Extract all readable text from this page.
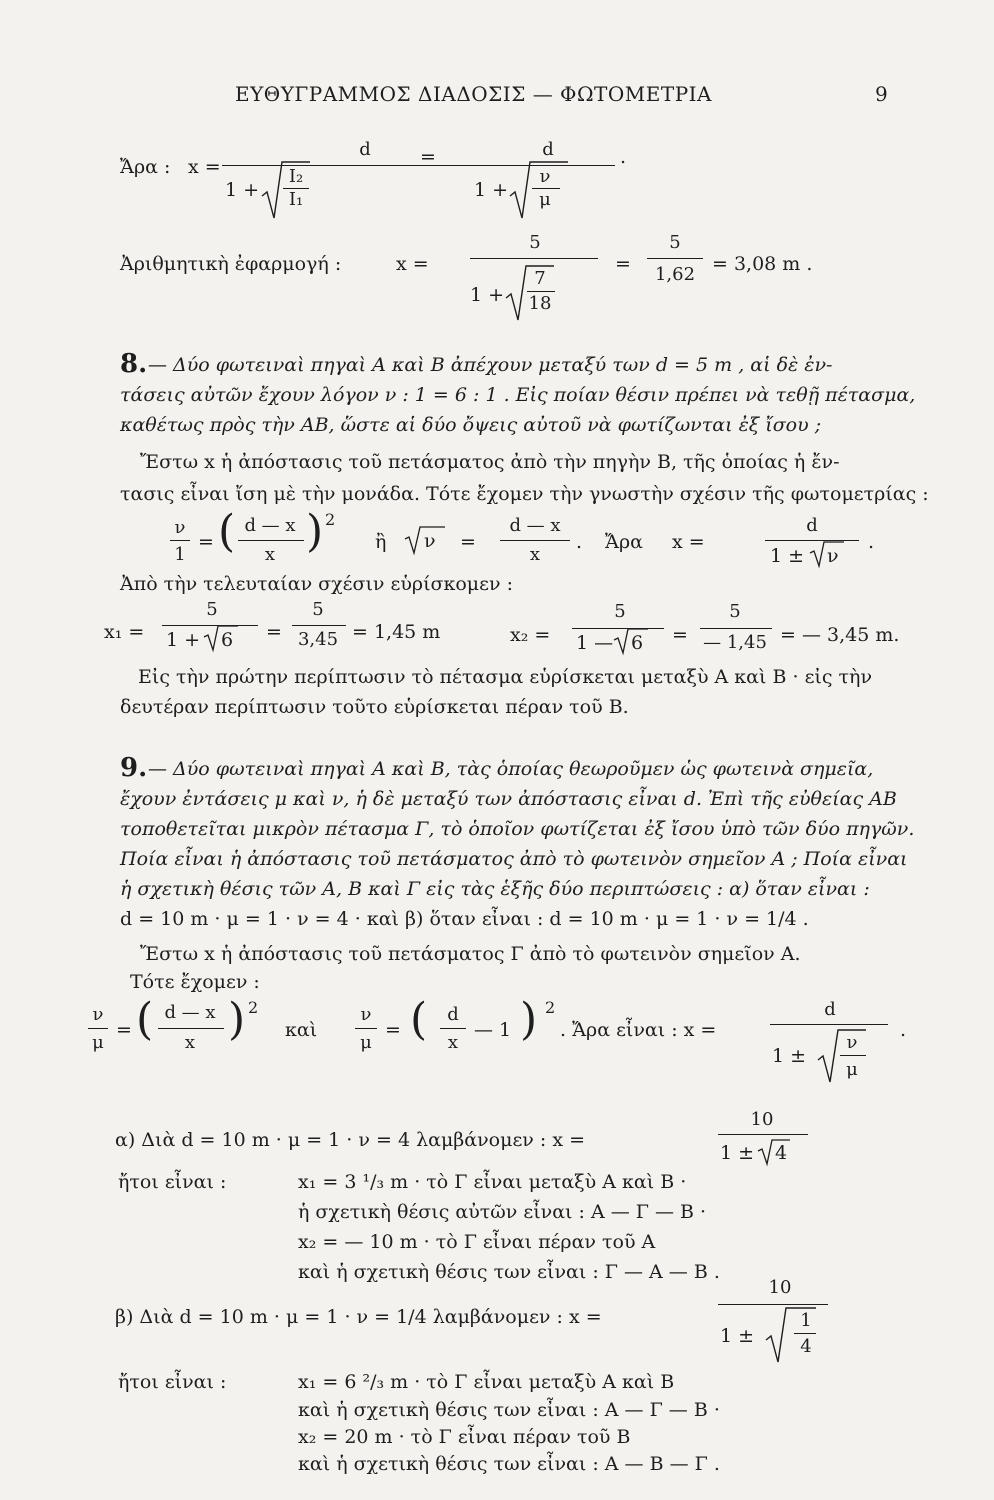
ΕΥΘΥΓΡΑΜΜΟΣ ΔΙΑΔΟΣΙΣ — ΦΩΤΟΜΕΤΡΙΑ	9
Ἄρα : x =
d
1 +
I₂
I₁
=	d
1 +
ν
μ
.
Ἀριθμητικὴ ἐφαρμογή :	x =
5
1 +
7
18
=
5
1,62 = 3,08 m .
8. — Δύο φωτειναὶ πηγαὶ Α καὶ Β ἀπέχουν μεταξύ των d = 5 m , αἱ δὲ ἐν-
τάσεις αὐτῶν ἔχουν λόγον ν : 1 = 6 : 1 . Εἰς ποίαν θέσιν πρέπει νὰ τεθῇ πέτασμα,
καθέτως πρὸς τὴν ΑΒ, ὥστε αἱ δύο ὄψεις αὐτοῦ νὰ φωτίζωνται ἐξ ἴσου ;
Ἔστω x ἡ ἀπόστασις τοῦ πετάσματος ἀπὸ τὴν πηγὴν Β, τῆς ὁποίας ἡ ἔν-
τασις εἶναι ἴση μὲ τὴν μονάδα. Τότε ἔχομεν τὴν γνωστὴν σχέσιν τῆς φωτομετρίας :
ν
1
= ( d — x
x ) 2
ἢ ν =
d — x
x
. Ἄρα x =
d
1 ± ν
.
Ἀπὸ τὴν τελευταίαν σχέσιν εὑρίσκομεν :
x₁ =
5
1 + 6 =
5
3,45 = 1,45 m	x₂ =
5
1 — 6 =
5
— 1,45 = — 3,45 m.
Εἰς τὴν πρώτην περίπτωσιν τὸ πέτασμα εὑρίσκεται μεταξὺ Α καὶ Β · εἰς τὴν
δευτέραν περίπτωσιν τοῦτο εὑρίσκεται πέραν τοῦ Β.
9. — Δύο φωτειναὶ πηγαὶ Α καὶ Β, τὰς ὁποίας θεωροῦμεν ὡς φωτεινὰ σημεῖα,
ἔχουν ἐντάσεις μ καὶ ν, ἡ δὲ μεταξύ των ἀπόστασις εἶναι d. Ἐπὶ τῆς εὐθείας ΑΒ
τοποθετεῖται μικρὸν πέτασμα Γ, τὸ ὁποῖον φωτίζεται ἐξ ἴσου ὑπὸ τῶν δύο πηγῶν.
Ποία εἶναι ἡ ἀπόστασις τοῦ πετάσματος ἀπὸ τὸ φωτεινὸν σημεῖον Α ; Ποία εἶναι
ἡ σχετικὴ θέσις τῶν Α, Β καὶ Γ εἰς τὰς ἑξῆς δύο περιπτώσεις : α) ὅταν εἶναι :
d = 10 m · μ = 1 · ν = 4 · καὶ β) ὅταν εἶναι : d = 10 m · μ = 1 · ν = 1/4 .
Ἔστω x ἡ ἀπόστασις τοῦ πετάσματος Γ ἀπὸ τὸ φωτεινὸν σημεῖον Α.
Τότε ἔχομεν :
ν
μ
= ( d — x
x ) 2
καὶ
ν
μ
= ( d
x
— 1 ) 2
. Ἄρα εἶναι : x =
d
1 ±
ν
μ
.
α) Διὰ d = 10 m · μ = 1 · ν = 4 λαμβάνομεν : x =
10
1 ± 4
ἤτοι εἶναι :	x₁ = 3 ¹/₃ m · τὸ Γ εἶναι μεταξὺ Α καὶ Β ·
ἡ σχετικὴ θέσις αὐτῶν εἶναι : Α — Γ — Β ·
x₂ = — 10 m · τὸ Γ εἶναι πέραν τοῦ Α
καὶ ἡ σχετικὴ θέσις των εἶναι : Γ — Α — Β .
β) Διὰ d = 10 m · μ = 1 · ν = 1/4 λαμβάνομεν : x =
10
1 ±
1
4
ἤτοι εἶναι :	x₁ = 6 ²/₃ m · τὸ Γ εἶναι μεταξὺ Α καὶ Β
καὶ ἡ σχετικὴ θέσις των εἶναι : Α — Γ — Β ·
x₂ = 20 m · τὸ Γ εἶναι πέραν τοῦ Β
καὶ ἡ σχετικὴ θέσις των εἶναι : Α — Β — Γ .
